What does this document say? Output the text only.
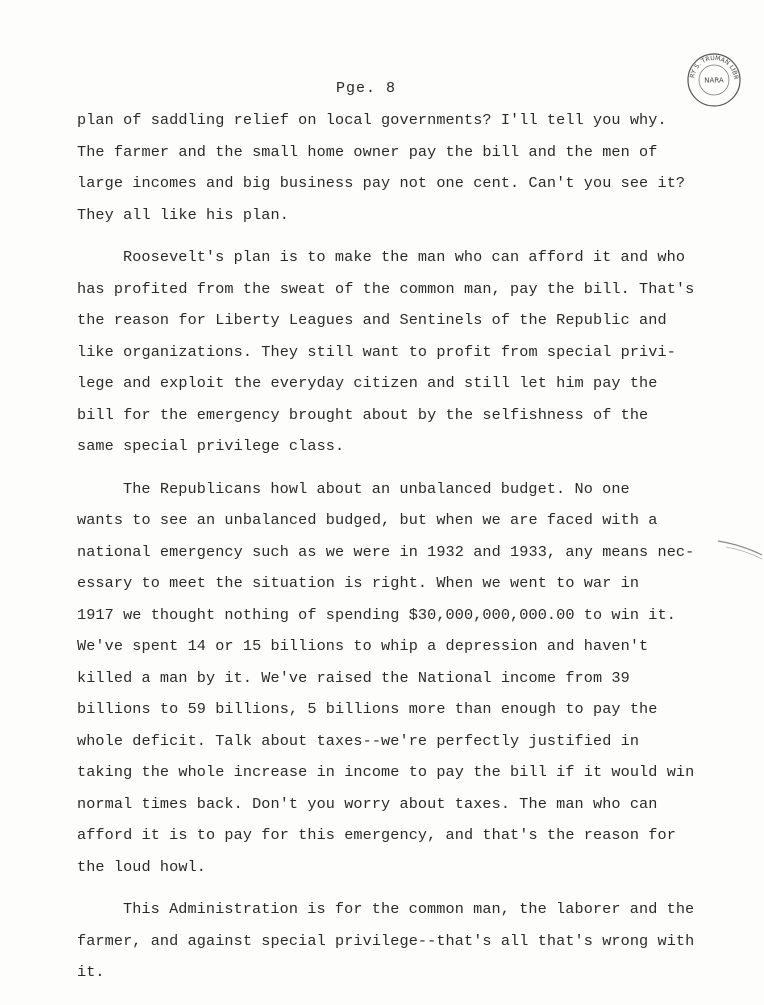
Pge. 8
RY S. TRUMAN LIBR
NARA
plan of saddling relief on local governments? I'll tell you why.
The farmer and the small home owner pay the bill and the men of
large incomes and big business pay not one cent. Can't you see it?
They all like his plan.
Roosevelt's plan is to make the man who can afford it and who
has profited from the sweat of the common man, pay the bill. That's
the reason for Liberty Leagues and Sentinels of the Republic and
like organizations. They still want to profit from special privi-
lege and exploit the everyday citizen and still let him pay the
bill for the emergency brought about by the selfishness of the
same special privilege class.
The Republicans howl about an unbalanced budget. No one
wants to see an unbalanced budged, but when we are faced with a
national emergency such as we were in 1932 and 1933, any means nec-
essary to meet the situation is right. When we went to war in
1917 we thought nothing of spending $30,000,000,000.00 to win it.
We've spent 14 or 15 billions to whip a depression and haven't
killed a man by it. We've raised the National income from 39
billions to 59 billions, 5 billions more than enough to pay the
whole deficit. Talk about taxes--we're perfectly justified in
taking the whole increase in income to pay the bill if it would win
normal times back. Don't you worry about taxes. The man who can
afford it is to pay for this emergency, and that's the reason for
the loud howl.
This Administration is for the common man, the laborer and the
farmer, and against special privilege--that's all that's wrong with
it.
